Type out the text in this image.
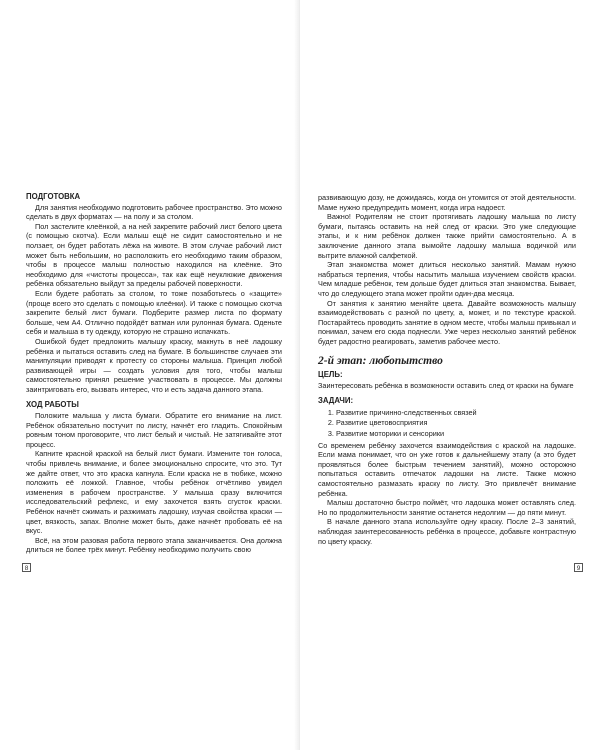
ПОДГОТОВКА

Для занятия необходимо подготовить рабочее пространство. Это можно сделать в двух форматах — на полу и за столом.

Пол застелите клеёнкой, а на ней закрепите рабочий лист белого цвета (с помощью скотча). Если малыш ещё не сидит самостоятельно и не ползает, он будет работать лёжа на животе. В этом случае рабочий лист может быть небольшим, но расположить его необходимо таким образом, чтобы в процессе малыш полностью находился на клеёнке. Это необходимо для «чистоты процесса», так как ещё неуклюжие движения ребёнка обязательно выйдут за пределы рабочей поверхности.

Если будете работать за столом, то тоже позаботьтесь о «защите» (проще всего это сделать с помощью клеёнки). И также с помощью скотча закрепите белый лист бумаги. Подберите размер листа по формату больше, чем А4. Отлично подойдёт ватман или рулонная бумага. Оденьте себя и малыша в ту одежду, которую не страшно испачкать.

Ошибкой будет предложить малышу краску, макнуть в неё ладошку ребёнка и пытаться оставить след на бумаге. В большинстве случаев эти манипуляции приводят к протесту со стороны малыша. Принцип любой развивающей игры — создать условия для того, чтобы малыш самостоятельно принял решение участвовать в процессе. Мы должны заинтриговать его, вызвать интерес, что и есть задача данного этапа.

ХОД РАБОТЫ

Положите малыша у листа бумаги. Обратите его внимание на лист. Ребёнок обязательно постучит по листу, начнёт его гладить. Спокойным ровным тоном проговорите, что лист белый и чистый. Не затягивайте этот процесс.

Капните красной краской на белый лист бумаги. Измените тон голоса, чтобы привлечь внимание, и более эмоционально спросите, что это. Тут же дайте ответ, что это краска капнула. Если краска не в тюбике, можно положить её ложкой. Главное, чтобы ребёнок отчётливо увидел изменения в рабочем пространстве. У малыша сразу включится исследовательский рефлекс, и ему захочется взять сгусток краски. Ребёнок начнёт сжимать и разжимать ладошку, изучая свойства краски — цвет, вязкость, запах. Вполне может быть, даже начнёт пробовать её на вкус.

Всё, на этом разовая работа первого этапа заканчивается. Она должна длиться не более трёх минут. Ребёнку необходимо получить свою

8

развивающую дозу, не дожидаясь, когда он утомится от этой деятельности. Маме нужно предупредить момент, когда игра надоест.

Важно! Родителям не стоит протягивать ладошку малыша по листу бумаги, пытаясь оставить на ней след от краски. Это уже следующие этапы, и к ним ребёнок должен также прийти самостоятельно. А в заключение данного этапа вымойте ладошку малыша водичкой или вытрите влажной салфеткой.

Этап знакомства может длиться несколько занятий. Мамам нужно набраться терпения, чтобы насытить малыша изучением свойств краски. Чем младше ребёнок, тем дольше будет длиться этап знакомства. Бывает, что до следующего этапа может пройти один-два месяца.

От занятия к занятию меняйте цвета. Давайте возможность малышу взаимодействовать с разной по цвету, а, может, и по текстуре краской. Постарайтесь проводить занятие в одном месте, чтобы малыш привыкал и понимал, зачем его сюда поднесли. Уже через несколько занятий ребёнок будет радостно реагировать, заметив рабочее место.

2-й этап: любопытство
ЦЕЛЬ:

Заинтересовать ребёнка в возможности оставить след от краски на бумаге

ЗАДАЧИ:
1. Развитие причинно-следственных связей
2. Развитие цветовосприятия
3. Развитие моторики и сенсорики

Со временем ребёнку захочется взаимодействия с краской на ладошке. Если мама понимает, что он уже готов к дальнейшему этапу (а это будет проявляться более быстрым течением занятий), можно осторожно попытаться оставить отпечаток ладошки на листе. Также можно самостоятельно размазать краску по листу. Это привлечёт внимание ребёнка.

Малыш достаточно быстро поймёт, что ладошка может оставлять след. Но по продолжительности занятие останется недолгим — до пяти минут.

В начале данного этапа используйте одну краску. После 2–3 занятий, наблюдая заинтересованность ребёнка в процессе, добавьте контрастную по цвету краску.

9
